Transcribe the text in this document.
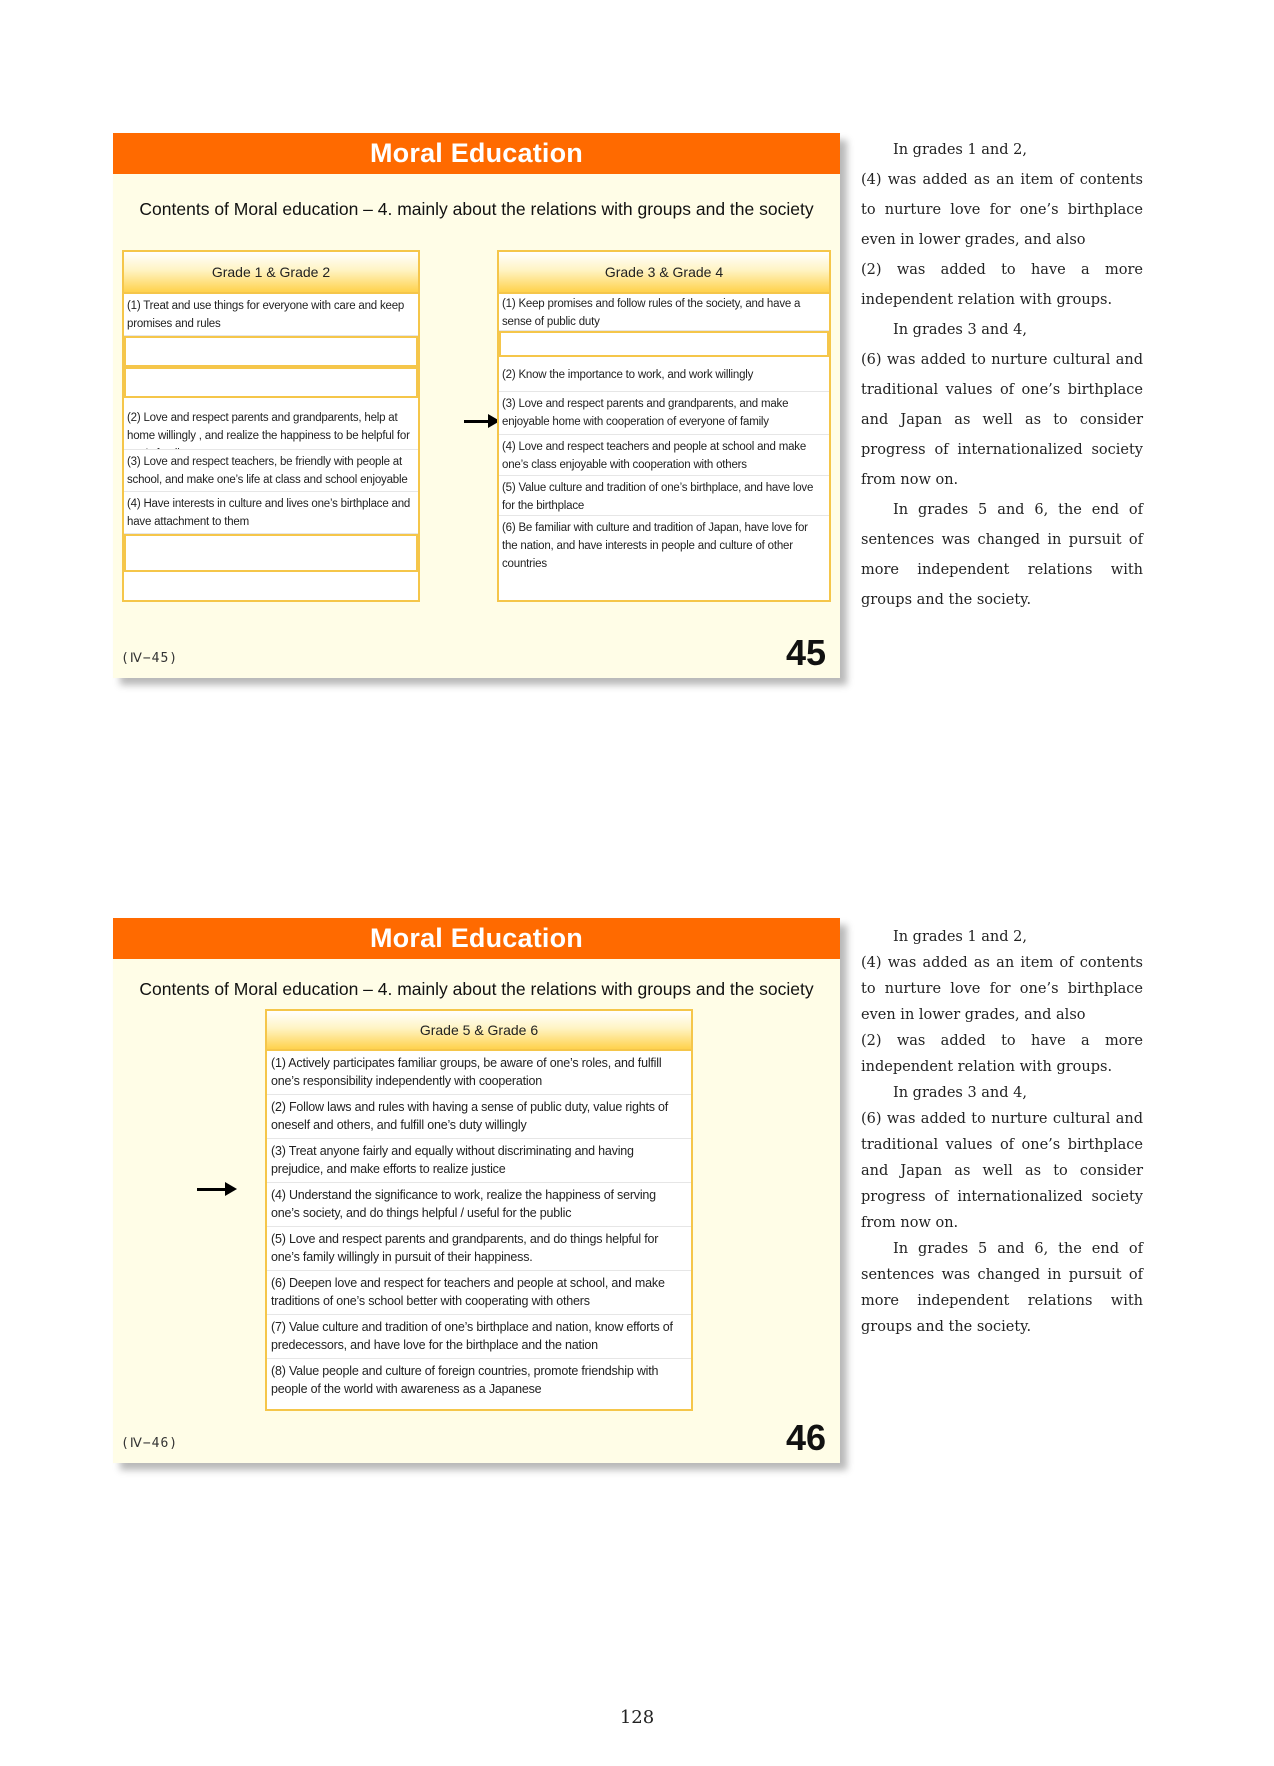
Moral Education
Contents of Moral education – 4. mainly about the relations with groups and the society
Grade 1 & Grade 2
(1) Treat and use things for everyone with care and keep promises and rules
(2) Love and respect parents and grandparents, help at home willingly , and realize the happiness to be helpful for
(3) Love and respect teachers, be friendly with people at school, and make one’s life at class and school enjoyable
(4) Have interests in culture and lives one’s birthplace and have attachment to them
Grade 3 & Grade 4
(1) Keep promises and follow rules of the society, and have a sense of public duty
(2) Know the importance to work, and work willingly
(3) Love and respect parents and grandparents, and make enjoyable home with cooperation of everyone of family
(4) Love and respect teachers and people at school and make one’s class enjoyable with cooperation with others
(5) Value culture and tradition of one’s birthplace, and have love for the birthplace
(6) Be familiar with culture and tradition of Japan, have love for the nation, and have interests in people and culture of other countries
(Ⅳ−45)	45
Moral Education
Contents of Moral education – 4. mainly about the relations with groups and the society
Grade 5 & Grade 6
(1) Actively participates familiar groups, be aware of one’s roles, and fulfill one’s responsibility independently with cooperation
(2) Follow laws and rules with having a sense of public duty, value rights of oneself and others, and fulfill one’s duty willingly
(3) Treat anyone fairly and equally without discriminating and having prejudice, and make efforts to realize justice
(4) Understand the significance to work, realize the happiness of serving one’s society, and do things helpful / useful for the public
(5) Love and respect parents and grandparents, and do things helpful for one’s family willingly in pursuit of their happiness.
(6) Deepen love and respect for teachers and people at school, and make traditions of one’s school better with cooperating with others
(7) Value culture and tradition of one’s birthplace and nation, know efforts of predecessors, and have love for the birthplace and the nation
(8) Value people and culture of foreign countries, promote friendship with people of the world with awareness as a Japanese
(Ⅳ−46)	46

In grades 1 and 2,

(4) was added as an item of contents to nurture love for one’s birthplace even in lower grades, and also

(2) was added to have a more independent relation with groups.

In grades 3 and 4,

(6) was added to nurture cultural and traditional values of one’s birthplace and Japan as well as to consider progress of internationalized society from now on.

In grades 5 and 6, the end of sentences was changed in pursuit of more independent relations with groups and the society.

In grades 1 and 2,

(4) was added as an item of contents to nurture love for one’s birthplace even in lower grades, and also

(2) was added to have a more independent relation with groups.

In grades 3 and 4,

(6) was added to nurture cultural and traditional values of one’s birthplace and Japan as well as to consider progress of internationalized society from now on.

In grades 5 and 6, the end of sentences was changed in pursuit of more independent relations with groups and the society.

128
